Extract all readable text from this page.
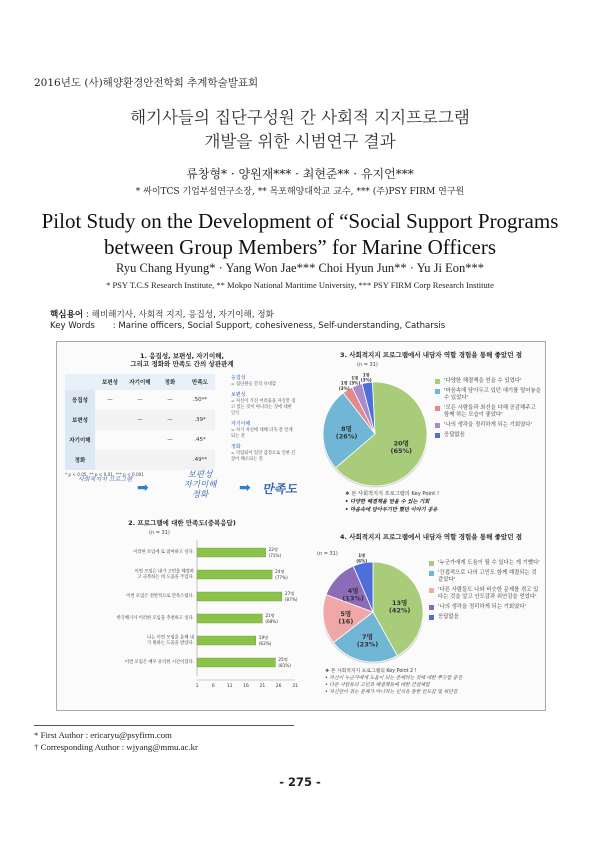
2016년도 (사)해양환경안전학회 추계학술발표회
해기사들의 집단구성원 간 사회적 지지프로그램
개발을 위한 시범연구 결과
류창형* · 양원재*** · 최현준** · 유지언***
* 싸이TCS 기업부설연구소장, ** 목포해양대학교 교수, *** (주)PSY FIRM 연구원
Pilot Study on the Development of “Social Support Programs
between Group Members” for Marine Officers
Ryu Chang Hyung* · Yang Won Jae*** Choi Hyun Jun** · Yu Ji Eon***
* PSY T.C.S Research Institute, ** Mokpo National Maritime University, *** PSY FIRM Corp Research Institute
핵심용어 : 해비해기사, 사회적 지지, 응집성, 자기이해, 정화
Key Words : Marine officers, Social Support, cohesiveness, Self-understanding, Catharsis
1. 응집성, 보편성, 자기이해,
그리고 정화와 만족도 간의 상관관계
	보편성	자기이해	정화	만족도
응집성	—	—	—	.50**
보편성		—	—	.39*
자기이해			—	.45*
정화				.49**
* p < 0.05, ** p < 0.01, *** p < 0.001
응집성
= 집단원들 간의 유대감
보편성
= 자신이 가진 어려움을 자신만 겪고 있는 것이 아니라는 것에 대한 인식
자기이해
= 자기 자신에 대해 더욱 잘 알게 되는 것
정화
= 억압되어 있던 감정으로 인한 긴장이 해소되는 것
사회적지지 프로그램
➡
보편성
자기이해
정화	➡ 만족도
2. 프로그램에 대한 만족도(중복응답)
(n = 31)
이러한 모임에 또 참여하고 싶다.
22명
(71%)
이번 모임은 내가 고민을 해결하
고 극복하는 데 도움을 주었다.
24명
(77%)
이번 모임은 전반적으로 만족스럽다.
27명
(87%)
한국해기사 이러한 모임을 추천하고 싶다.
21명
(68%)
나는 이번 모임을 통해 내
가 원하는 도움을 받았다.
19명
(62%)
이번 모임은 매우 유익한 시간이었다.
25명
(81%)
1	6	11 16 21 26 31
3. 사회적지지 프로그램에서 내담자 역할 경험을 통해 좋았던 점
(n = 31)
20명
(65%)
8명
(26%)
1명
(3%)
1명
(3%)
1명
(3%)	'다양한 해결책을 얻을 수 있었다'
'마음속에 담아두고 있던 얘기를 털어놓을 수 있었다'
'모든 사람들과 최선을 다해 공감해주고 함께 하는 모습이 좋았다'
'나의 생각을 정리하게 되는 기회였다'
응답없음
❖ 본 사회적지지 프로그램의 Key Point !
• 다양한 해결책을 얻을 수 있는 기회
• 마음속에 담아두기만 했던 이야기 공유
4. 사회적지지 프로그램에서 내담자 역할 경험을 통해 좋았던 점
(n = 31)
13명
(42%)
7명
(23%)
5명
(16)
4명
(13%)
1명
(6%)	'누군가에게 도움이 될 수 있다는 게 기뻤다'
'간접적으로 나의 고민도 함께 해결되는 것 같았다'
'다른 사람들도 나와 비슷한 문제를 겪고 있다는 것을 알고 안도감과 위안감을 얻었다'
'나의 생각을 정리하게 되는 기회였다'
응답없음
❖ 본 사회적지지 프로그램의 Key Point 2 !
• 자신이 누군가에게 도움이 되는 존재라는 것에 대한 뿌듯함 증진
• 다른 사람들의 고민과 해결책들에 대한 간접체험
• 자신만이 겪는 문제가 아니라는 인식을 통한 안도감 및 위안감
* First Author : ericaryu@psyfirm.com
† Corresponding Author : wjyang@mmu.ac.kr
- 275 -
